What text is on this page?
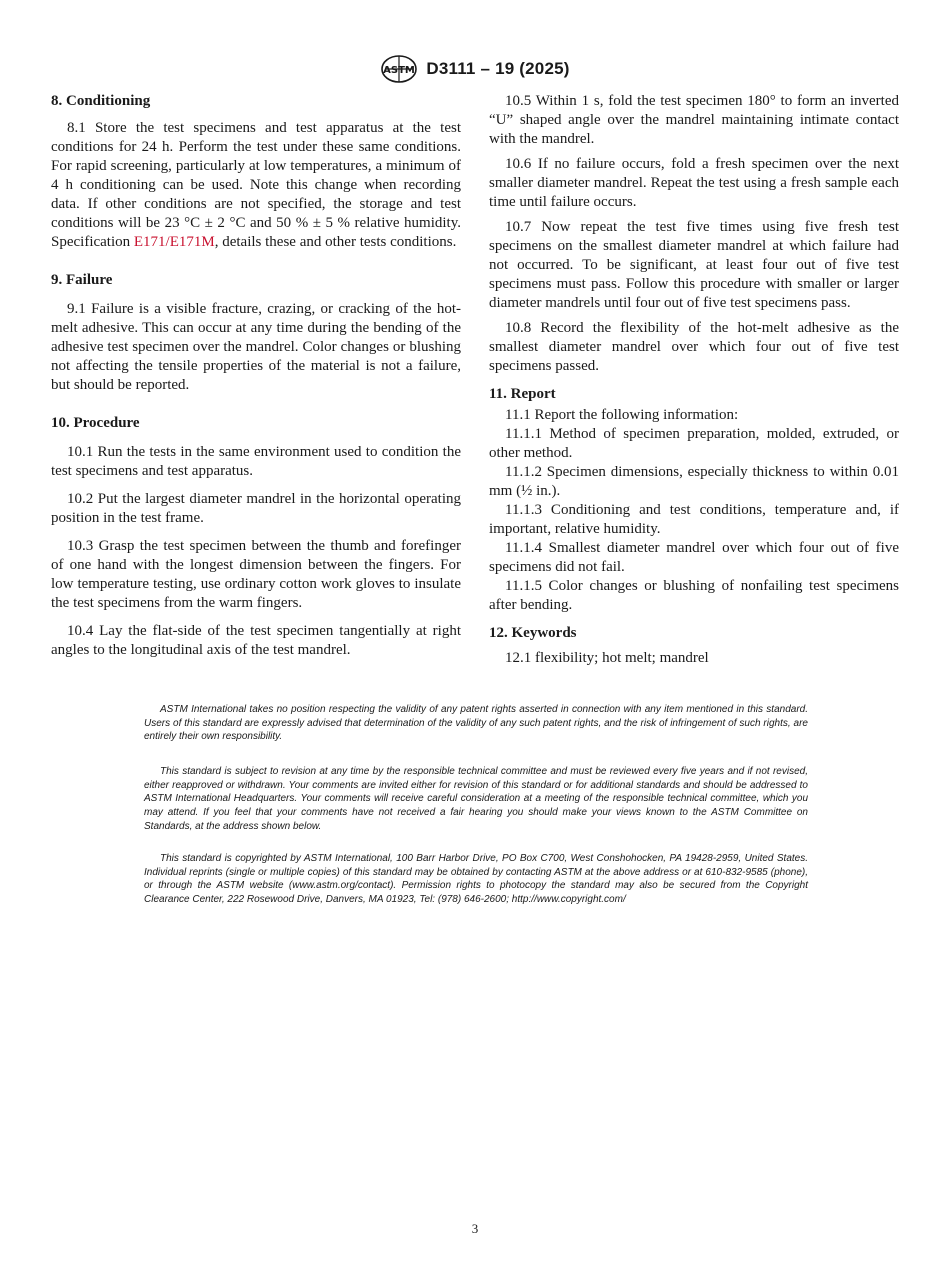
ASTM D3111 – 19 (2025)
8. Conditioning

8.1 Store the test specimens and test apparatus at the test conditions for 24 h. Perform the test under these same conditions. For rapid screening, particularly at low temperatures, a minimum of 4 h conditioning can be used. Note this change when recording data. If other conditions are not specified, the storage and test conditions will be 23 °C ± 2 °C and 50 % ± 5 % relative humidity. Specification E171/E171M, details these and other tests conditions.

9. Failure

9.1 Failure is a visible fracture, crazing, or cracking of the hot-melt adhesive. This can occur at any time during the bending of the adhesive test specimen over the mandrel. Color changes or blushing not affecting the tensile properties of the material is not a failure, but should be reported.

10. Procedure

10.1 Run the tests in the same environment used to condition the test specimens and test apparatus.

10.2 Put the largest diameter mandrel in the horizontal operating position in the test frame.

10.3 Grasp the test specimen between the thumb and forefinger of one hand with the longest dimension between the fingers. For low temperature testing, use ordinary cotton work gloves to insulate the test specimens from the warm fingers.

10.4 Lay the flat-side of the test specimen tangentially at right angles to the longitudinal axis of the test mandrel.

10.5 Within 1 s, fold the test specimen 180° to form an inverted “U” shaped angle over the mandrel maintaining intimate contact with the mandrel.

10.6 If no failure occurs, fold a fresh specimen over the next smaller diameter mandrel. Repeat the test using a fresh sample each time until failure occurs.

10.7 Now repeat the test five times using five fresh test specimens on the smallest diameter mandrel at which failure had not occurred. To be significant, at least four out of five test specimens must pass. Follow this procedure with smaller or larger diameter mandrels until four out of five test specimens pass.

10.8 Record the flexibility of the hot-melt adhesive as the smallest diameter mandrel over which four out of five test specimens passed.

11. Report

11.1 Report the following information:

11.1.1 Method of specimen preparation, molded, extruded, or other method.

11.1.2 Specimen dimensions, especially thickness to within 0.01 mm (½ in.).

11.1.3 Conditioning and test conditions, temperature and, if important, relative humidity.

11.1.4 Smallest diameter mandrel over which four out of five specimens did not fail.

11.1.5 Color changes or blushing of nonfailing test specimens after bending.

12. Keywords

12.1 flexibility; hot melt; mandrel

ASTM International takes no position respecting the validity of any patent rights asserted in connection with any item mentioned in this standard. Users of this standard are expressly advised that determination of the validity of any such patent rights, and the risk of infringement of such rights, are entirely their own responsibility.

This standard is subject to revision at any time by the responsible technical committee and must be reviewed every five years and if not revised, either reapproved or withdrawn. Your comments are invited either for revision of this standard or for additional standards and should be addressed to ASTM International Headquarters. Your comments will receive careful consideration at a meeting of the responsible technical committee, which you may attend. If you feel that your comments have not received a fair hearing you should make your views known to the ASTM Committee on Standards, at the address shown below.

This standard is copyrighted by ASTM International, 100 Barr Harbor Drive, PO Box C700, West Conshohocken, PA 19428-2959, United States. Individual reprints (single or multiple copies) of this standard may be obtained by contacting ASTM at the above address or at 610-832-9585 (phone), or through the ASTM website (www.astm.org/contact). Permission rights to photocopy the standard may also be secured from the Copyright Clearance Center, 222 Rosewood Drive, Danvers, MA 01923, Tel: (978) 646-2600; http://www.copyright.com/

3
